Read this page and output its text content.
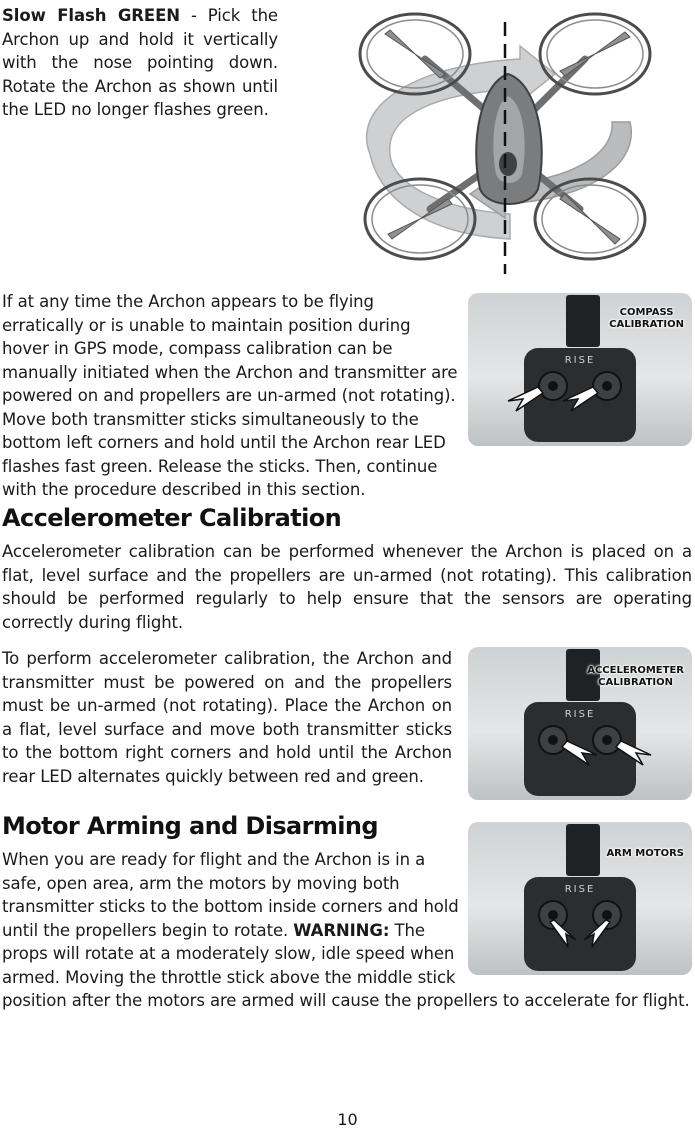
Slow Flash GREEN - Pick the Archon up and hold it vertically with the nose pointing down. Rotate the Archon as shown until the LED no longer flashes green.

RISE
COMPASS
CALIBRATION

If at any time the Archon appears to be flying erratically or is unable to maintain position during hover in GPS mode, compass calibration can be manually initiated when the Archon and transmitter are powered on and propellers are un-armed (not rotating). Move both transmitter sticks simultaneously to the bottom left corners and hold until the Archon rear LED flashes fast green. Release the sticks. Then, continue with the procedure described in this section.

Accelerometer Calibration

Accelerometer calibration can be performed whenever the Archon is placed on a flat, level surface and the propellers are un-armed (not rotating). This calibration should be performed regularly to help ensure that the sensors are operating correctly during flight.

RISE
ACCELEROMETER
CALIBRATION

To perform accelerometer calibration, the Archon and transmitter must be powered on and the propellers must be un-armed (not rotating). Place the Archon on a flat, level surface and move both transmitter sticks to the bottom right corners and hold until the Archon rear LED alternates quickly between red and green.

Motor Arming and Disarming
RISE
ARM MOTORS

When you are ready for flight and the Archon is in a safe, open area, arm the motors by moving both transmitter sticks to the bottom inside corners and hold until the propellers begin to rotate. WARNING: The props will rotate at a moderately slow, idle speed when armed. Moving the throttle stick above the middle stick position after the motors are armed will cause the propellers to accelerate for flight.

10
